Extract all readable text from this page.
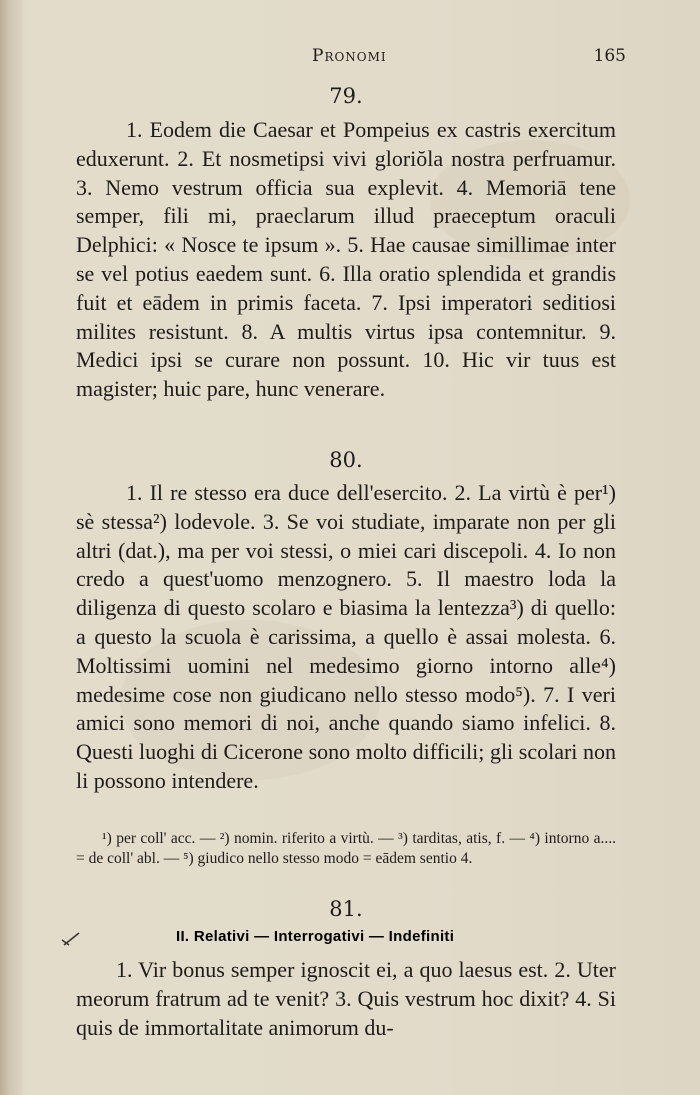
Pronomi	165
79.

1. Eodem die Caesar et Pompeius ex castris exercitum eduxerunt. 2. Et nosmetipsi vivi gloriŏla nostra perfruamur. 3. Nemo vestrum officia sua explevit. 4. Memoriā tene semper, fili mi, praeclarum illud praeceptum oraculi Delphici: « Nosce te ipsum ». 5. Hae causae simillimae inter se vel potius eaedem sunt. 6. Illa oratio splendida et grandis fuit et eādem in primis faceta. 7. Ipsi imperatori seditiosi milites resistunt. 8. A multis virtus ipsa contemnitur. 9. Medici ipsi se curare non possunt. 10. Hic vir tuus est magister; huic pare, hunc venerare.

80.

1. Il re stesso era duce dell'esercito. 2. La virtù è per¹) sè stessa²) lodevole. 3. Se voi studiate, imparate non per gli altri (dat.), ma per voi stessi, o miei cari discepoli. 4. Io non credo a quest'uomo menzognero. 5. Il maestro loda la diligenza di questo scolaro e biasima la lentezza³) di quello: a questo la scuola è carissima, a quello è assai molesta. 6. Moltissimi uomini nel medesimo giorno intorno alle⁴) medesime cose non giudicano nello stesso modo⁵). 7. I veri amici sono memori di noi, anche quando siamo infelici. 8. Questi luoghi di Cicerone sono molto difficili; gli scolari non li possono intendere.

¹) per coll' acc. — ²) nomin. riferito a virtù. — ³) tarditas, atis, f. — ⁴) intorno a.... = de coll' abl. — ⁵) giudico nello stesso modo = eādem sentio 4.

81.

1. Vir bonus semper ignoscit ei, a quo laesus est. 2. Uter meorum fratrum ad te venit? 3. Quis vestrum hoc dixit? 4. Si quis de immortalitate animorum du-

II. Relativi — Interrogativi — Indefiniti
